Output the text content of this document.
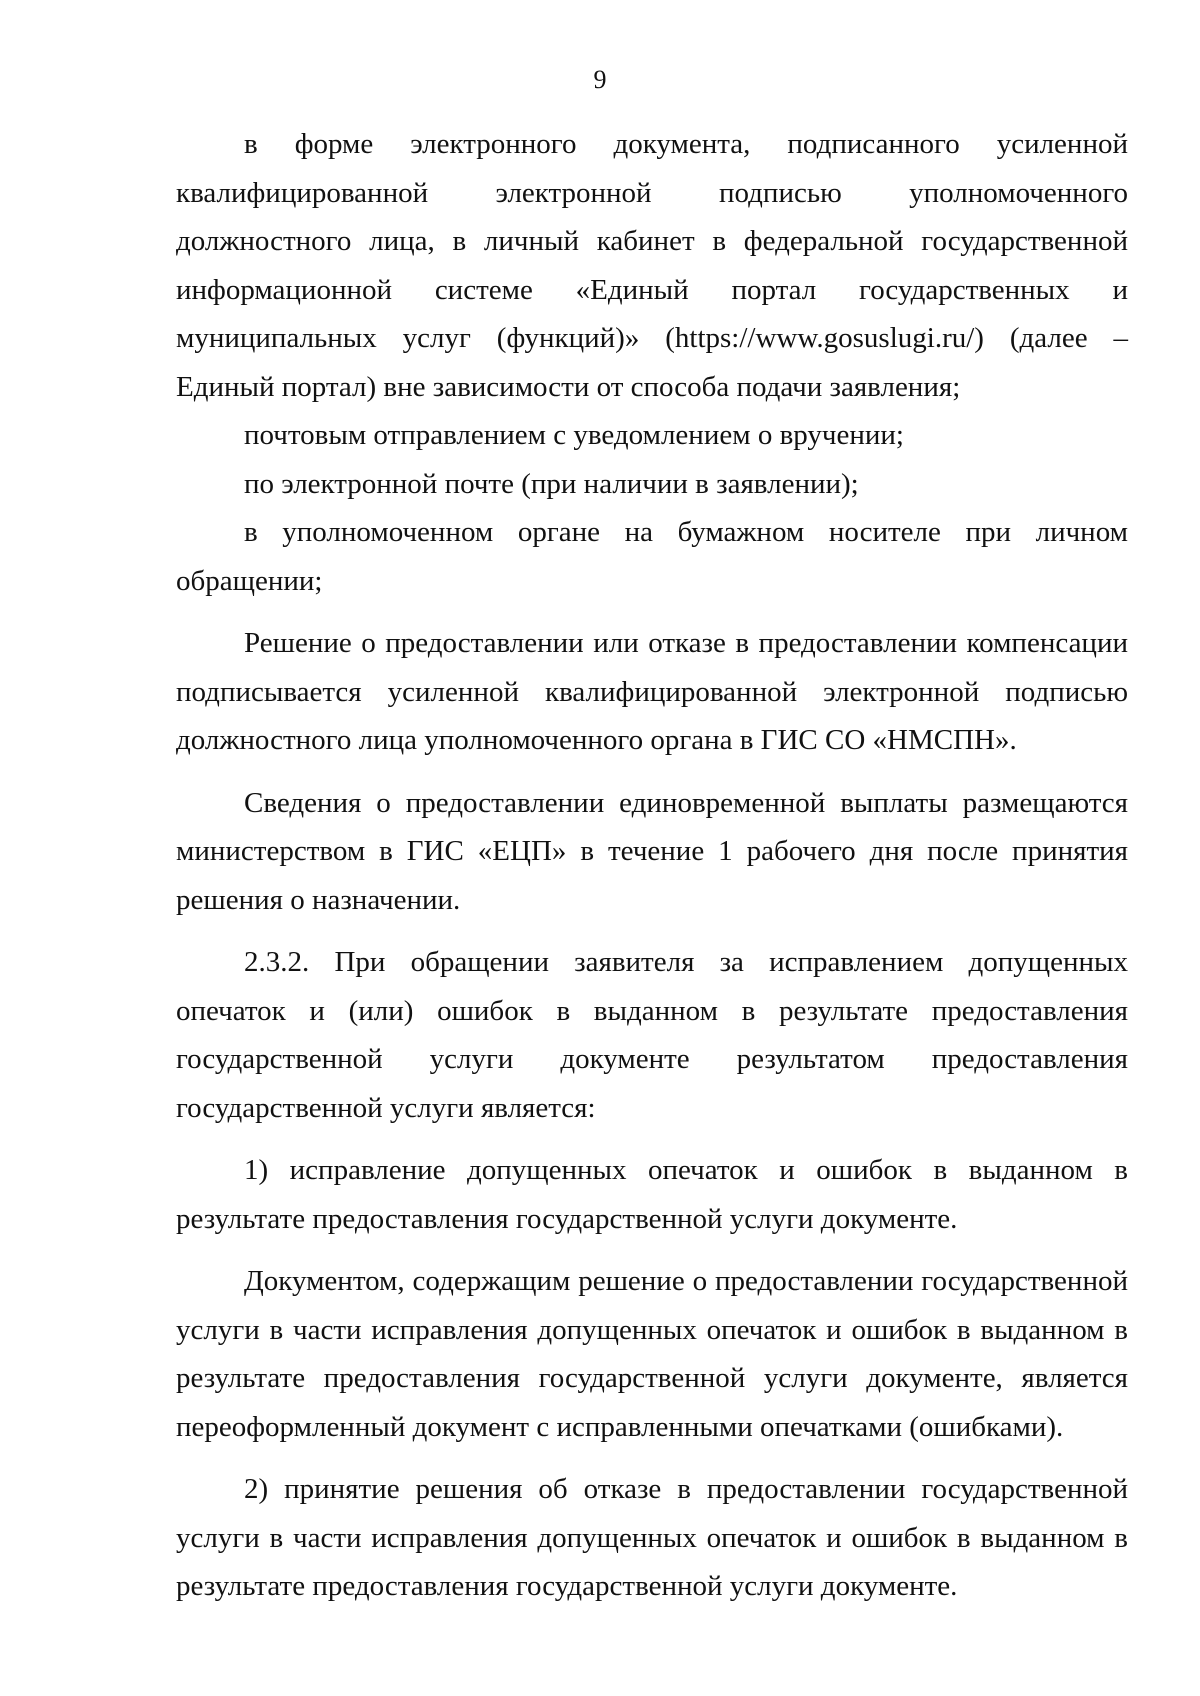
9

в форме электронного документа, подписанного усиленной квалифицированной электронной подписью уполномоченного должностного лица, в личный кабинет в федеральной государственной информационной системе «Единый портал государственных и муниципальных услуг (функций)» (https://www.gosuslugi.ru/) (далее – Единый портал) вне зависимости от способа подачи заявления;

почтовым отправлением с уведомлением о вручении;

по электронной почте (при наличии в заявлении);

в уполномоченном органе на бумажном носителе при личном обращении;

Решение о предоставлении или отказе в предоставлении компенсации подписывается усиленной квалифицированной электронной подписью должностного лица уполномоченного органа в ГИС СО «НМСПН».

Сведения о предоставлении единовременной выплаты размещаются министерством в ГИС «ЕЦП» в течение 1 рабочего дня после принятия решения о назначении.

2.3.2. При обращении заявителя за исправлением допущенных опечаток и (или) ошибок в выданном в результате предоставления государственной услуги документе результатом предоставления государственной услуги является:

1) исправление допущенных опечаток и ошибок в выданном в результате предоставления государственной услуги документе.

Документом, содержащим решение о предоставлении государственной услуги в части исправления допущенных опечаток и ошибок в выданном в результате предоставления государственной услуги документе, является переоформленный документ с исправленными опечатками (ошибками).

2) принятие решения об отказе в предоставлении государственной услуги в части исправления допущенных опечаток и ошибок в выданном в результате предоставления государственной услуги документе.
